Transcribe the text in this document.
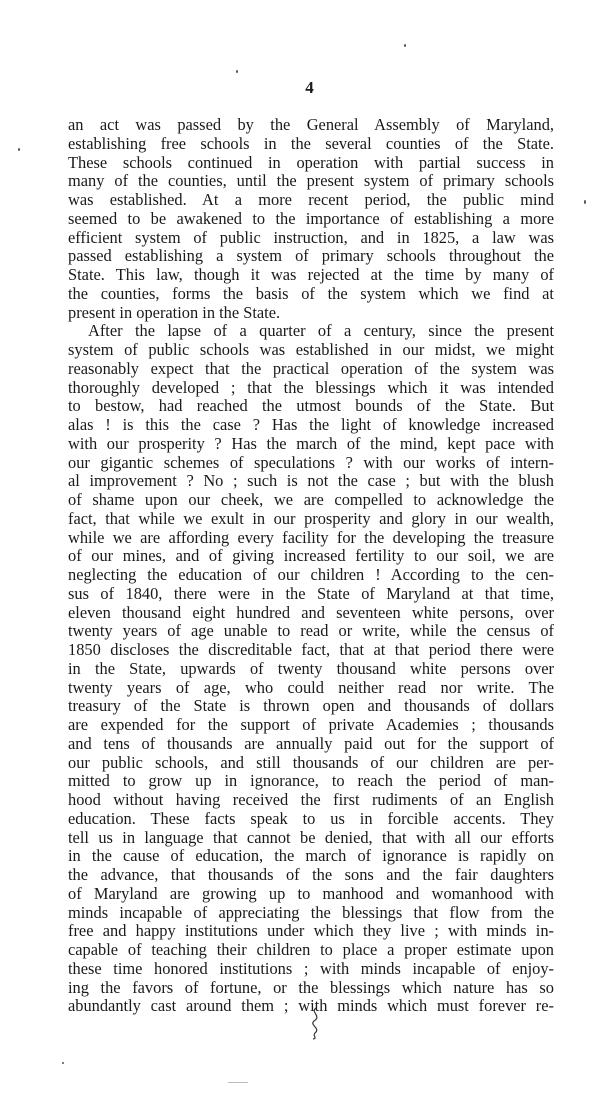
4
an act was passed by the General Assembly of Maryland,
establishing free schools in the several counties of the State.
These schools continued in operation with partial success in
many of the counties, until the present system of primary schools
was established. At a more recent period, the public mind
seemed to be awakened to the importance of establishing a more
efficient system of public instruction, and in 1825, a law was
passed establishing a system of primary schools throughout the
State. This law, though it was rejected at the time by many of
the counties, forms the basis of the system which we find at
present in operation in the State.
After the lapse of a quarter of a century, since the present
system of public schools was established in our midst, we might
reasonably expect that the practical operation of the system was
thoroughly developed ; that the blessings which it was intended
to bestow, had reached the utmost bounds of the State. But
alas ! is this the case ? Has the light of knowledge increased
with our prosperity ? Has the march of the mind, kept pace with
our gigantic schemes of speculations ? with our works of intern-
al improvement ? No ; such is not the case ; but with the blush
of shame upon our cheek, we are compelled to acknowledge the
fact, that while we exult in our prosperity and glory in our wealth,
while we are affording every facility for the developing the treasure
of our mines, and of giving increased fertility to our soil, we are
neglecting the education of our children ! According to the cen-
sus of 1840, there were in the State of Maryland at that time,
eleven thousand eight hundred and seventeen white persons, over
twenty years of age unable to read or write, while the census of
1850 discloses the discreditable fact, that at that period there were
in the State, upwards of twenty thousand white persons over
twenty years of age, who could neither read nor write. The
treasury of the State is thrown open and thousands of dollars
are expended for the support of private Academies ; thousands
and tens of thousands are annually paid out for the support of
our public schools, and still thousands of our children are per-
mitted to grow up in ignorance, to reach the period of man-
hood without having received the first rudiments of an English
education. These facts speak to us in forcible accents. They
tell us in language that cannot be denied, that with all our efforts
in the cause of education, the march of ignorance is rapidly on
the advance, that thousands of the sons and the fair daughters
of Maryland are growing up to manhood and womanhood with
minds incapable of appreciating the blessings that flow from the
free and happy institutions under which they live ; with minds in-
capable of teaching their children to place a proper estimate upon
these time honored institutions ; with minds incapable of enjoy-
ing the favors of fortune, or the blessings which nature has so
abundantly cast around them ; with minds which must forever re-
